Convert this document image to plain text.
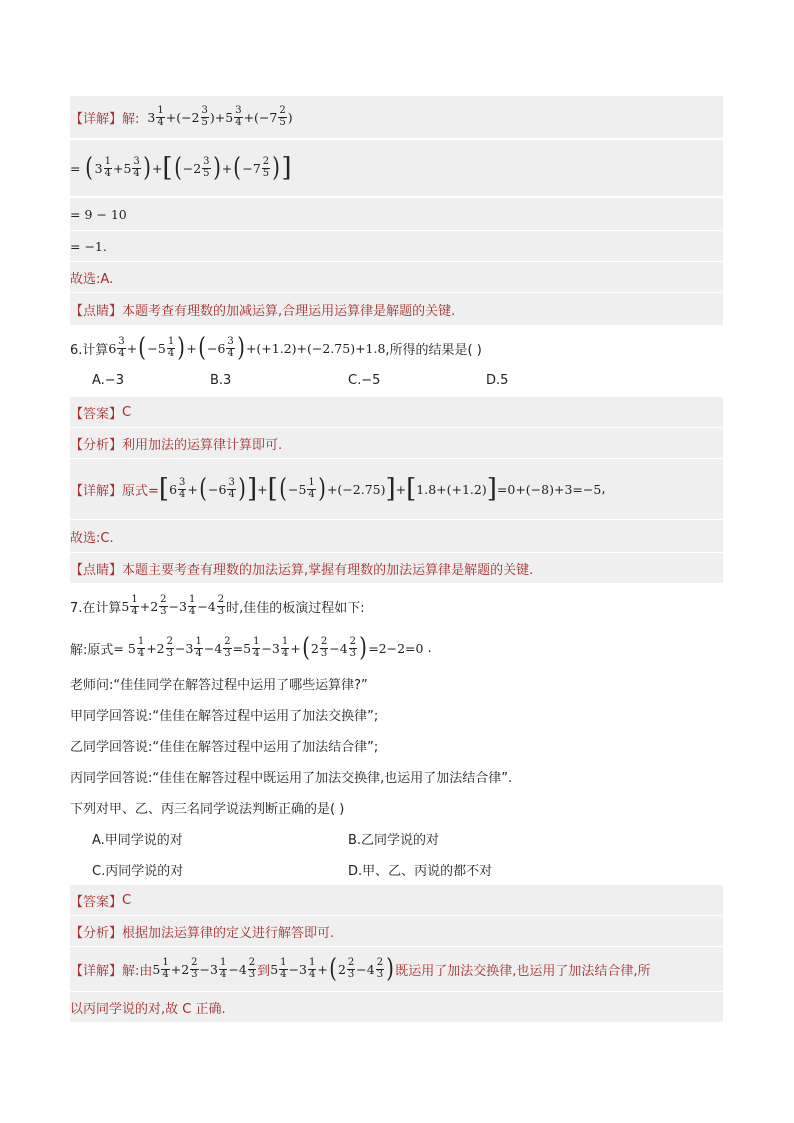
【详解】 解: $3 \frac{1}{4} +(-2 \frac{3}{5} )+5 \frac{3}{4} +(-7 \frac{2}{5}$ )
= ( $3 \frac{1}{4} +5 \frac{3}{4}$ ) + [ ( $-2 \frac{3}{5}$ ) + ( $-7 \frac{2}{5}$ ) ]
= 9 − 10
= −1.
故选:A.
【点睛】 本题考查有理数的加减运算,合理运用运算律是解题的关键.
6.计算 $6 \frac{3}{4}$ + ( $-5 \frac{1}{4}$ ) + ( $-6 \frac{3}{4}$ ) +(+1.2)+(−2.75)+1.8 ,所得的结果是( )
A.−3	B.3	C.−5	D.5
【答案】 C
【分析】 利用加法的运算律计算即可.
【详解】 原式= [ $6 \frac{3}{4}$ + ( $-6 \frac{3}{4}$ ) ] + [ ( $-5 \frac{1}{4}$ ) +(−2.75) ] + [ 1.8+(+1.2) ] =0+(−8)+3=−5 ,
故选:C.
【点睛】 本题主要考查有理数的加法运算,掌握有理数的加法运算律是解题的关键.
7.在计算 $5 \frac{1}{4} +2 \frac{2}{3} -3 \frac{1}{4} -4 \frac{2}{3}$ 时,佳佳的板演过程如下:
解:原式 = $5 \frac{1}{4} +2 \frac{2}{3} -3 \frac{1}{4} -4 \frac{2}{3} =5 \frac{1}{4} -3 \frac{1}{4}$ + ( $2 \frac{2}{3} -4 \frac{2}{3}$ ) =2−2=0 .
老师问:“佳佳同学在解答过程中运用了哪些运算律?”
甲同学回答说:“佳佳在解答过程中运用了加法交换律”;
乙同学回答说:“佳佳在解答过程中运用了加法结合律”;
丙同学回答说:“佳佳在解答过程中既运用了加法交换律,也运用了加法结合律”.
下列对甲、乙、丙三名同学说法判断正确的是( )
A.甲同学说的对	B.乙同学说的对
C.丙同学说的对	D.甲、乙、丙说的都不对
【答案】 C
【分析】 根据加法运算律的定义进行解答即可.
【详解】 解:由 $5 \frac{1}{4} +2 \frac{2}{3} -3 \frac{1}{4} -4 \frac{2}{3}$ 到 $5 \frac{1}{4} -3 \frac{1}{4}$ + ( $2 \frac{2}{3} -4 \frac{2}{3}$ ) 既运用了加法交换律,也运用了加法结合律,所
以丙同学说的对,故 C 正确.
